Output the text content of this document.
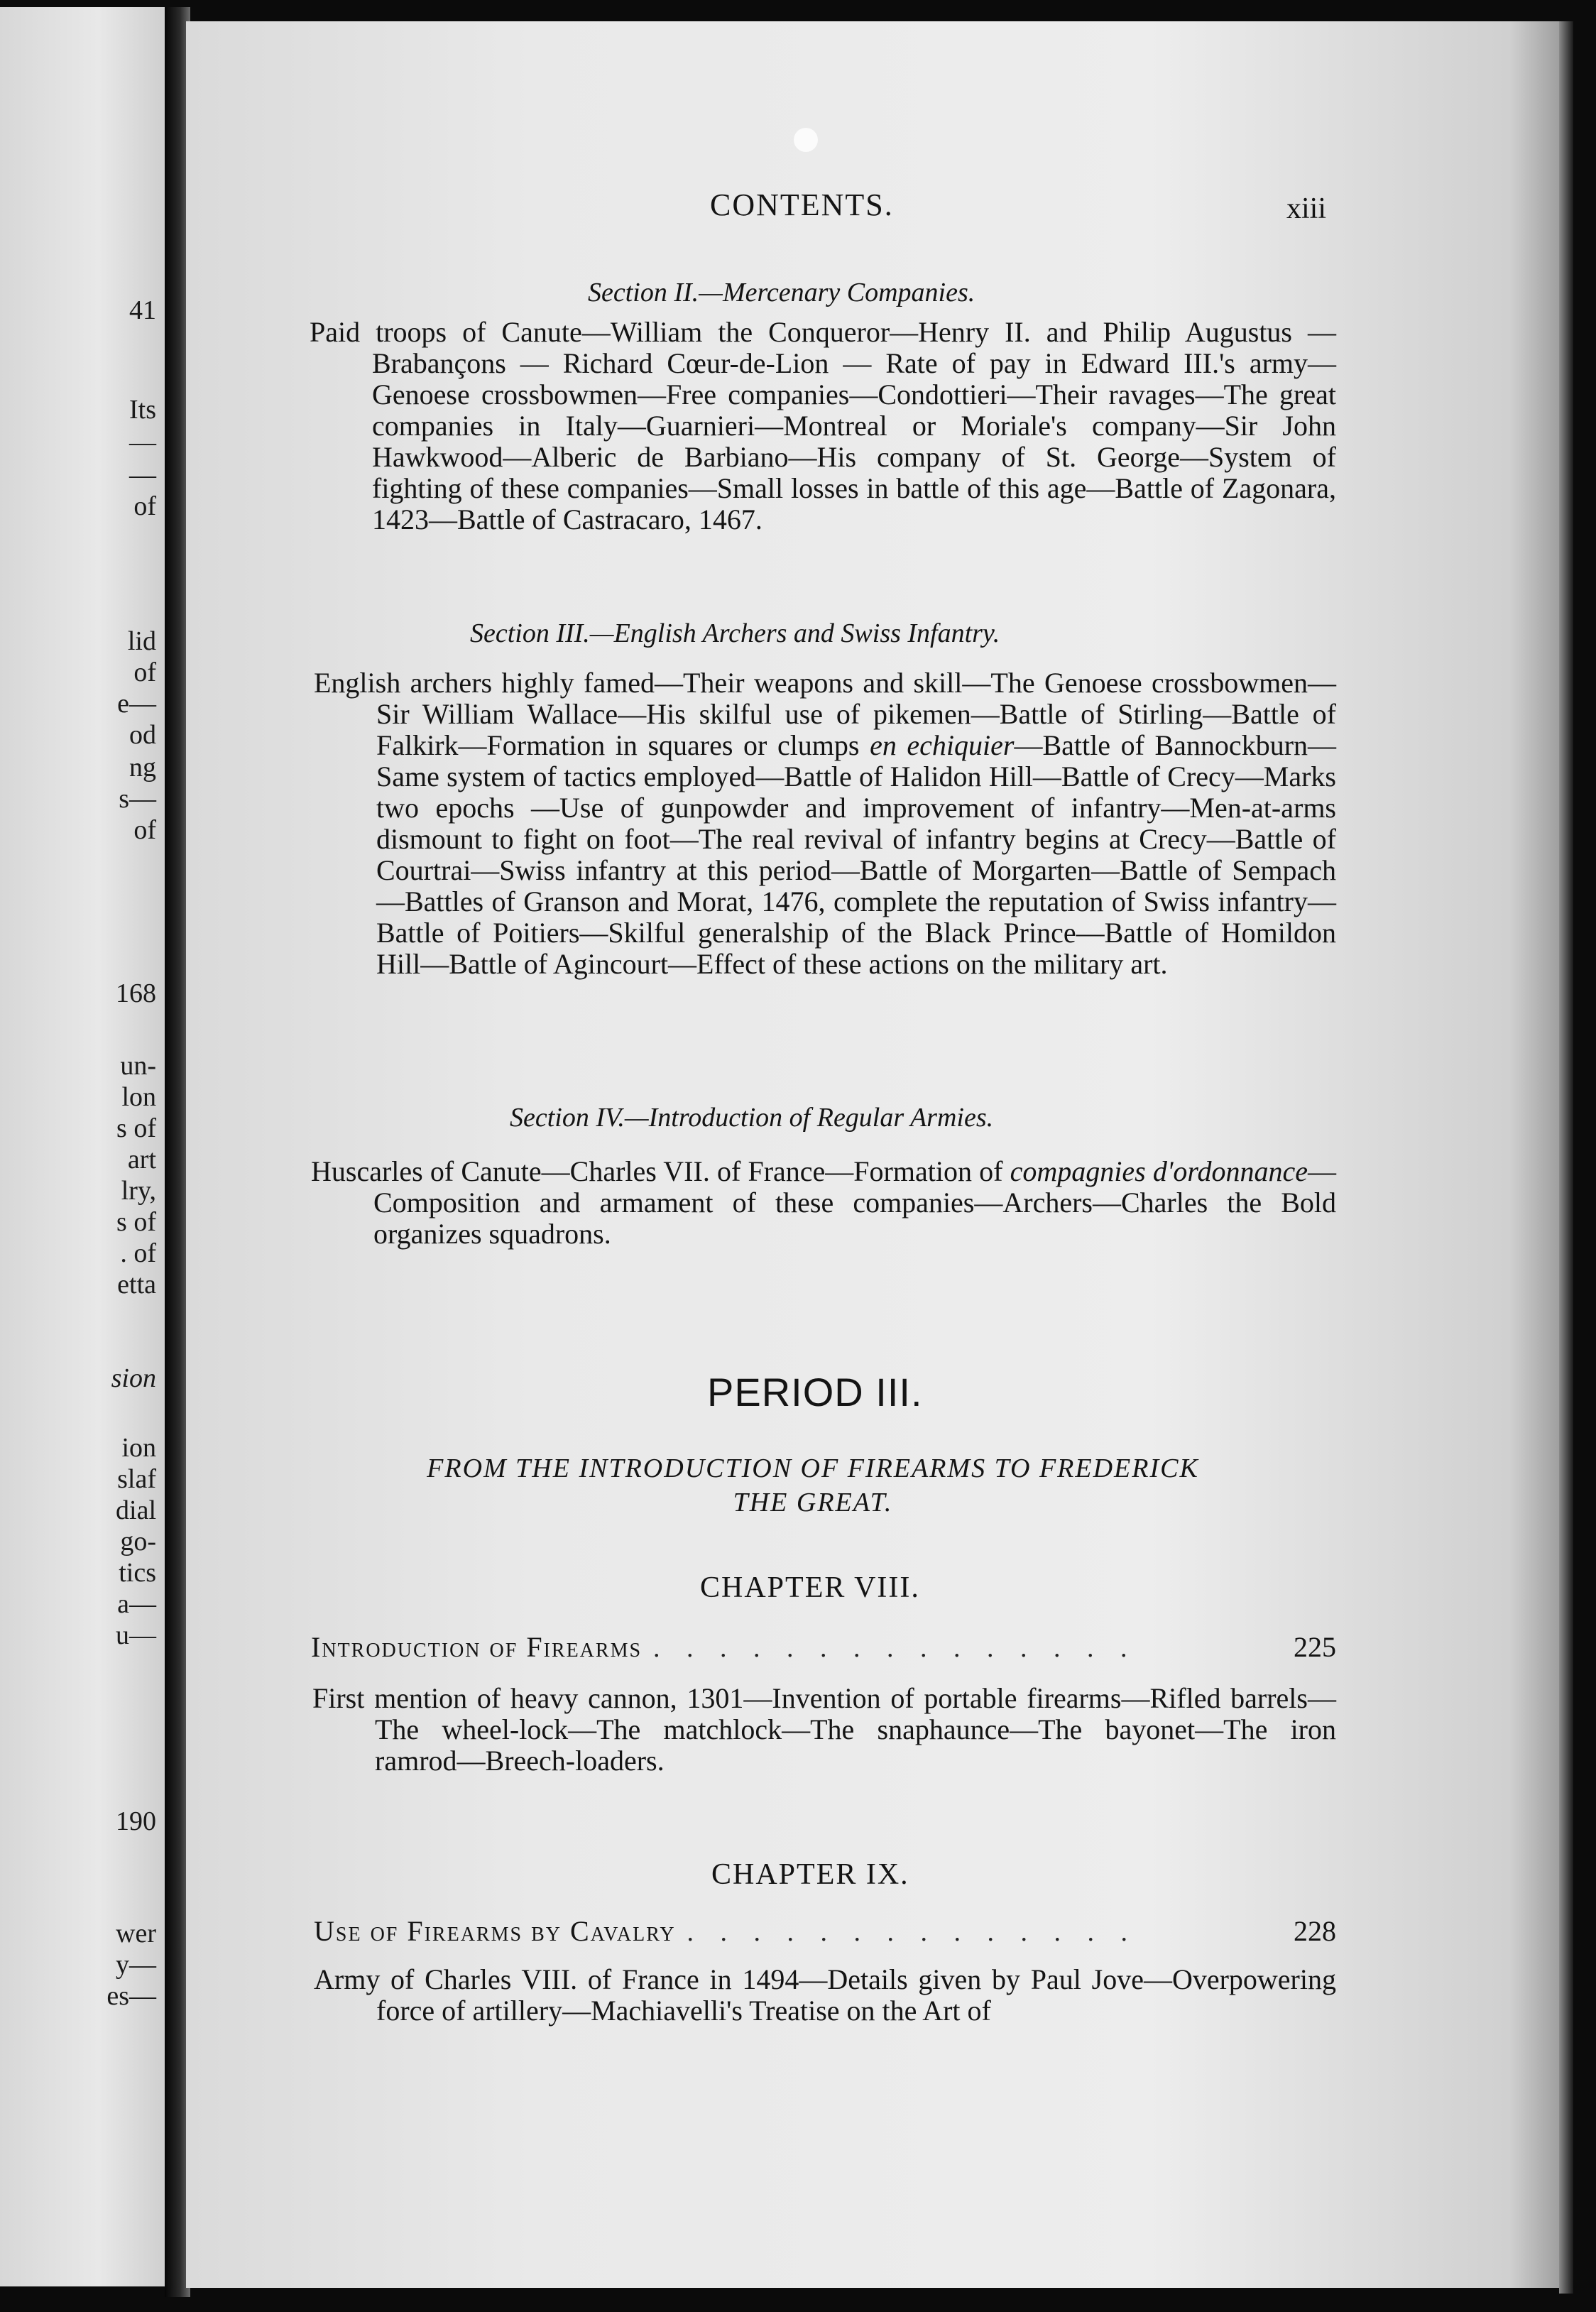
41
Its
—
—
of
lid
of
e—
od
ng
s—
of
168
un-
lon
s of
art
lry,
s of
. of
etta
sion
ion
slaf
dial
go-
tics
a—
u—
190
wer
y—
es—
CONTENTS.	xiii
Section II.—Mercenary Companies.
Paid troops of Canute—William the Conqueror—Henry II. and Philip Augustus — Brabançons — Richard Cœur-de-Lion — Rate of pay in Edward III.'s army—Genoese crossbowmen—Free companies—Condottieri—Their ravages—The great companies in Italy—Guarnieri—Montreal or Moriale's company—Sir John Hawkwood—Alberic de Barbiano—His company of St. George—System of fighting of these companies—Small losses in battle of this age—Battle of Zagonara, 1423—Battle of Castracaro, 1467.
Section III.—English Archers and Swiss Infantry.
English archers highly famed—Their weapons and skill—The Genoese crossbowmen—Sir William Wallace—His skilful use of pikemen—Battle of Stirling—Battle of Falkirk—Formation in squares or clumps en echiquier—Battle of Bannockburn—Same system of tactics employed—Battle of Halidon Hill—Battle of Crecy—Marks two epochs —Use of gunpowder and improvement of infantry—Men-at-arms dismount to fight on foot—The real revival of infantry begins at Crecy—Battle of Courtrai—Swiss infantry at this period—Battle of Morgarten—Battle of Sempach—Battles of Granson and Morat, 1476, complete the reputation of Swiss infantry—Battle of Poitiers—Skilful generalship of the Black Prince—Battle of Homildon Hill—Battle of Agincourt—Effect of these actions on the military art.
Section IV.—Introduction of Regular Armies.
Huscarles of Canute—Charles VII. of France—Formation of compagnies d'ordonnance—Composition and armament of these companies—Archers—Charles the Bold organizes squadrons.
PERIOD III.
FROM THE INTRODUCTION OF FIREARMS TO FREDERICK
THE GREAT.
CHAPTER VIII.
Introduction of Firearms . . . . . . . . . . . . . . .	225
First mention of heavy cannon, 1301—Invention of portable firearms—Rifled barrels—The wheel-lock—The matchlock—The snaphaunce—The bayonet—The iron ramrod—Breech-loaders.
CHAPTER IX.
Use of Firearms by Cavalry . . . . . . . . . . . . . .	228
Army of Charles VIII. of France in 1494—Details given by Paul Jove—Overpowering force of artillery—Machiavelli's Treatise on the Art of
